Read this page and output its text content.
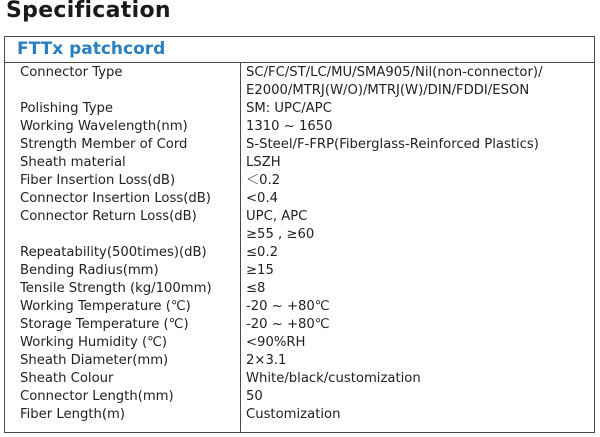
Specification
FTTx patchcord
Connector Type
Polishing Type
Working Wavelength(nm)
Strength Member of Cord
Sheath material
Fiber Insertion Loss(dB)
Connector Insertion Loss(dB)
Connector Return Loss(dB)
Repeatability(500times)(dB)
Bending Radius(mm)
Tensile Strength (kg/100mm)
Working Temperature (℃)
Storage Temperature (℃)
Working Humidity (℃)
Sheath Diameter(mm)
Sheath Colour
Connector Length(mm)
Fiber Length(m)
SC/FC/ST/LC/MU/SMA905/Nil(non-connector)/
E2000/MTRJ(W/O)/MTRJ(W)/DIN/FDDI/ESON
SM: UPC/APC
1310 ~ 1650
S-Steel/F-FRP(Fiberglass-Reinforced Plastics)
LSZH
＜0.2
<0.4
UPC, APC
≥55 , ≥60
≤0.2
≥15
≤8
-20 ~ +80℃
-20 ~ +80℃
<90%RH
2×3.1
White/black/customization
50
Customization
